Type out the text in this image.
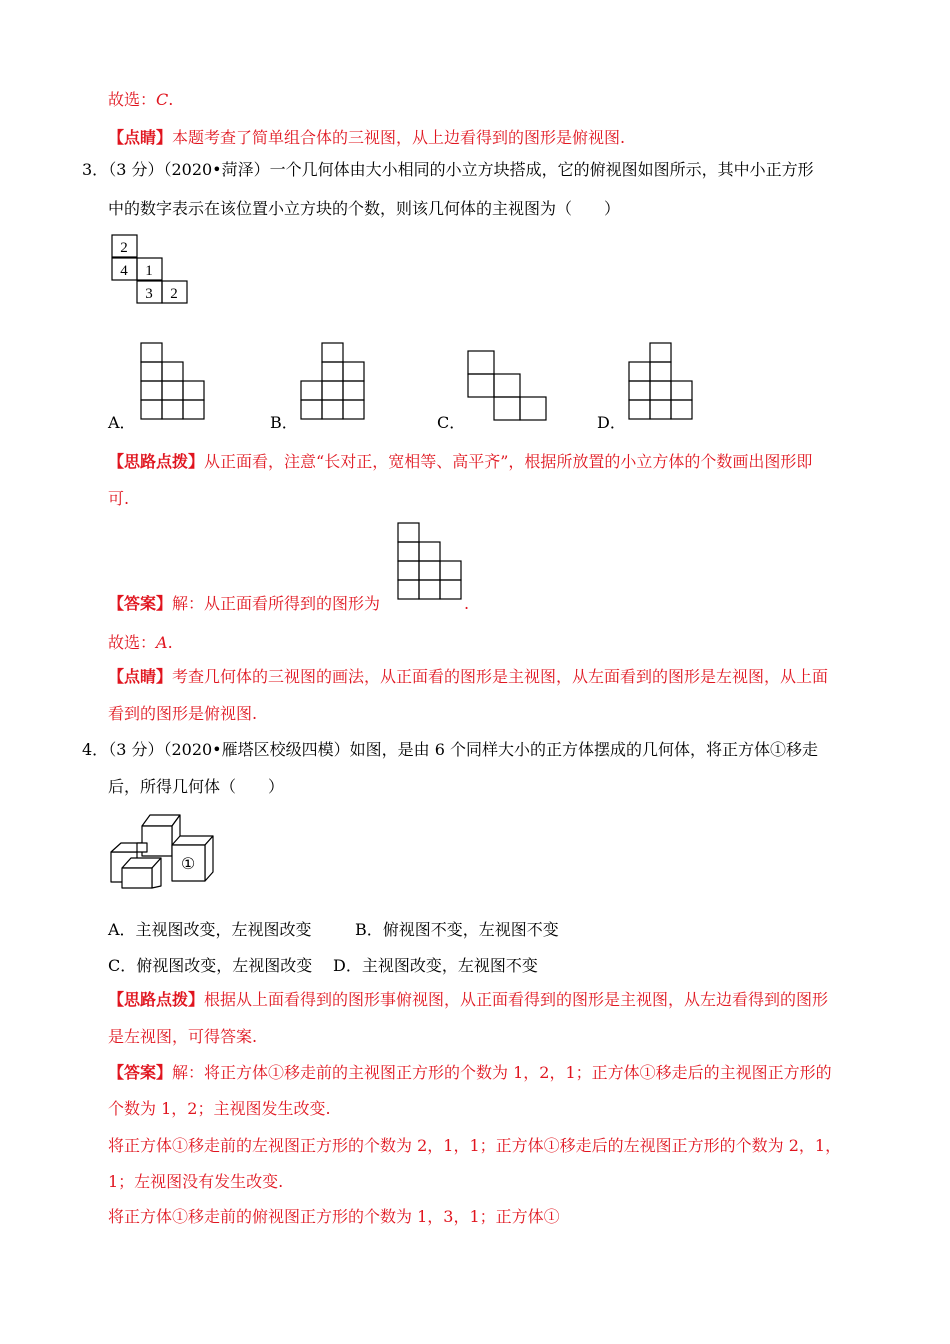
故选：C.
【点睛】本题考查了简单组合体的三视图，从上边看得到的图形是俯视图.
3．（3 分）（2020•菏泽）一个几何体由大小相同的小立方块搭成，它的俯视图如图所示，其中小正方形
中的数字表示在该位置小立方块的个数，则该几何体的主视图为（　　）
2
4 1
3 2
A．	B．	C．	D．
【思路点拨】从正面看，注意“长对正，宽相等、高平齐”，根据所放置的小立方体的个数画出图形即
可.
【答案】解：从正面看所得到的图形为	.
故选：A.
【点睛】考查几何体的三视图的画法，从正面看的图形是主视图，从左面看到的图形是左视图，从上面
看到的图形是俯视图.
4．（3 分）（2020•雁塔区校级四模）如图，是由 6 个同样大小的正方体摆成的几何体，将正方体①移走
后，所得几何体（　　）
①
A．主视图改变，左视图改变	B．俯视图不变，左视图不变
C．俯视图改变，左视图改变 D．主视图改变，左视图不变
【思路点拨】根据从上面看得到的图形事俯视图，从正面看得到的图形是主视图，从左边看得到的图形
是左视图，可得答案.
【答案】解：将正方体①移走前的主视图正方形的个数为 1，2，1；正方体①移走后的主视图正方形的
个数为 1，2；主视图发生改变.
将正方体①移走前的左视图正方形的个数为 2，1，1；正方体①移走后的左视图正方形的个数为 2，1，
1；左视图没有发生改变.
将正方体①移走前的俯视图正方形的个数为 1，3，1；正方体①
